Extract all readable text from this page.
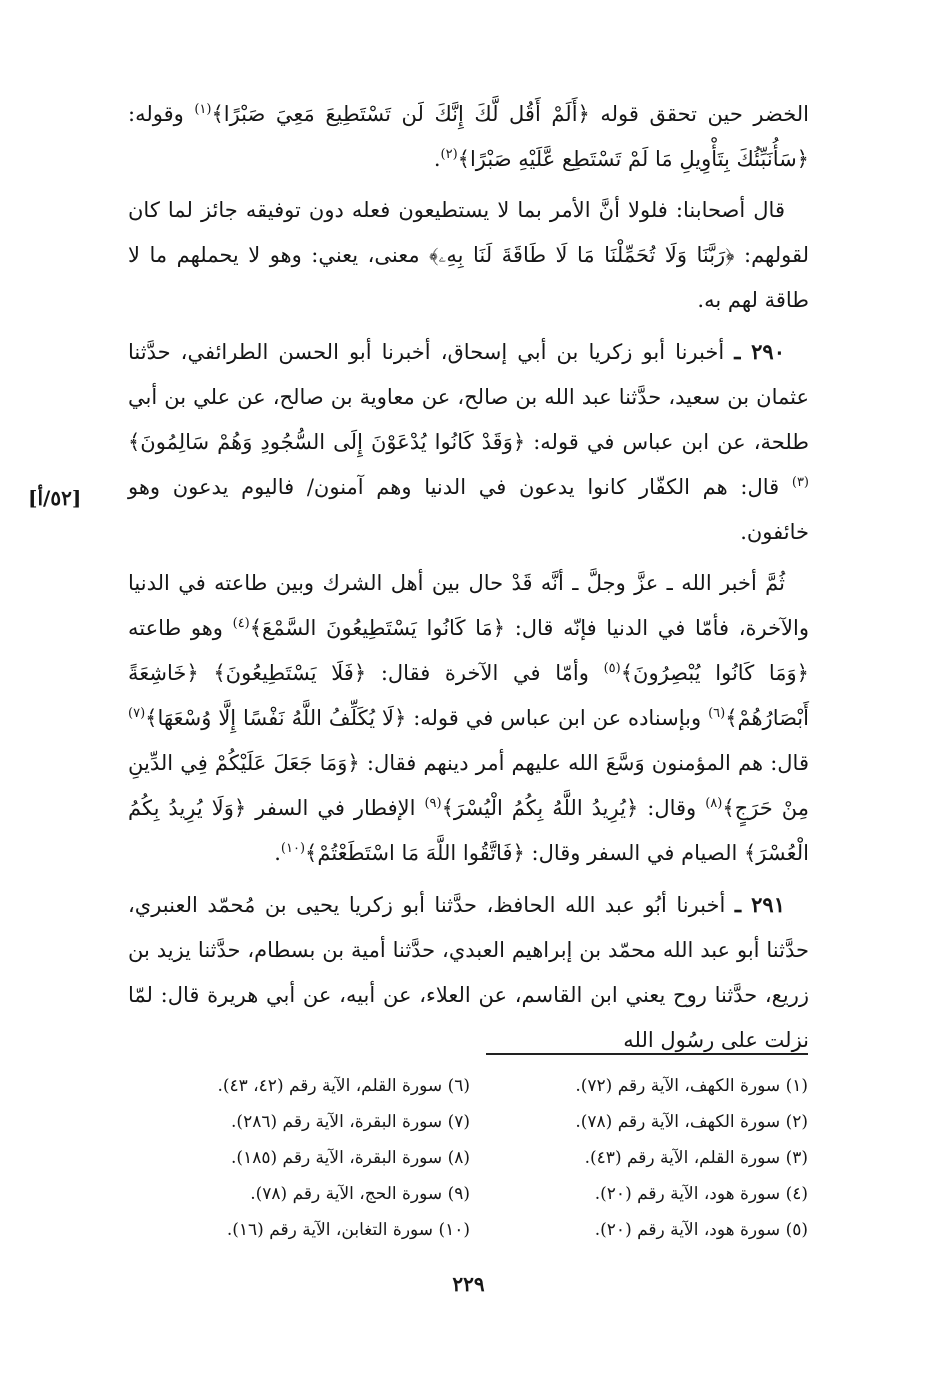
الخضر حين تحقق قوله ﴿أَلَمْ أَقُل لَّكَ إِنَّكَ لَن تَسْتَطِيعَ مَعِيَ صَبْرًا﴾$^{(١)}$ وقوله: ﴿سَأُنَبِّئُكَ بِتَأْوِيلِ مَا لَمْ تَسْتَطِع عَّلَيْهِ صَبْرًا﴾$^{(٢)}$.

قال أصحابنا: فلولا أنَّ الأمر بما لا يستطيعون فعله دون توفيقه جائز لما كان لقولهم: ﴿رَبَّنَا وَلَا تُحَمِّلْنَا مَا لَا طَاقَةَ لَنَا بِهِۦ﴾ معنى، يعني: وهو لا يحملهم ما لا طاقة لهم به.

٢٩٠ ـ أخبرنا أبو زكريا بن أبي إسحاق، أخبرنا أبو الحسن الطرائفي، حدَّثنا عثمان بن سعيد، حدَّثنا عبد الله بن صالح، عن معاوية بن صالح، عن علي بن أبي طلحة، عن ابن عباس في قوله: ﴿وَقَدْ كَانُوا يُدْعَوْنَ إِلَى السُّجُودِ وَهُمْ سَالِمُونَ﴾$^{(٣)}$ قال: هم الكفّار كانوا يدعون في الدنيا وهم آمنون/ فاليوم يدعون وهو خائفون.

ثُمَّ أخبر الله ـ عزَّ وجلَّ ـ أنَّه قَدْ حال بين أهل الشرك وبين طاعته في الدنيا والآخرة، فأمّا في الدنيا فإنّه قال: ﴿مَا كَانُوا يَسْتَطِيعُونَ السَّمْعَ﴾$^{(٤)}$ وهو طاعته ﴿وَمَا كَانُوا يُبْصِرُونَ﴾$^{(٥)}$ وأمّا في الآخرة فقال: ﴿فَلَا يَسْتَطِيعُونَ﴾ ﴿خَاشِعَةً أَبْصَارُهُمْ﴾$^{(٦)}$ وبإسناده عن ابن عباس في قوله: ﴿لَا يُكَلِّفُ اللَّهُ نَفْسًا إِلَّا وُسْعَهَا﴾$^{(٧)}$ قال: هم المؤمنون وَسَّعَ الله عليهم أمر دينهم فقال: ﴿وَمَا جَعَلَ عَلَيْكُمْ فِي الدِّينِ مِنْ حَرَجٍ﴾$^{(٨)}$ وقال: ﴿يُرِيدُ اللَّهُ بِكُمُ الْيُسْرَ﴾$^{(٩)}$ الإفطار في السفر ﴿وَلَا يُرِيدُ بِكُمُ الْعُسْرَ﴾ الصيام في السفر وقال: ﴿فَاتَّقُوا اللَّهَ مَا اسْتَطَعْتُمْ﴾$^{(١٠)}$.

٢٩١ ـ أخبرنا أبُو عبد الله الحافظ، حدَّثنا أبو زكريا يحيى بن مُحمّد العنبري، حدَّثنا أبو عبد الله محمّد بن إبراهيم العبدي، حدَّثنا أمية بن بسطام، حدَّثنا يزيد بن زريع، حدَّثنا روح يعني ابن القاسم، عن العلاء، عن أبيه، عن أبي هريرة قال: لمّا نزلت على رسُول الله

[٥٢/أ]
(١) سورة الكهف، الآية رقم (٧٢).
(٢) سورة الكهف، الآية رقم (٧٨).
(٣) سورة القلم، الآية رقم (٤٣).
(٤) سورة هود، الآية رقم (٢٠).
(٥) سورة هود، الآية رقم (٢٠).
(٦) سورة القلم، الآية رقم (٤٢، ٤٣).
(٧) سورة البقرة، الآية رقم (٢٨٦).
(٨) سورة البقرة، الآية رقم (١٨٥).
(٩) سورة الحج، الآية رقم (٧٨).
(١٠) سورة التغابن، الآية رقم (١٦).
٢٢٩
